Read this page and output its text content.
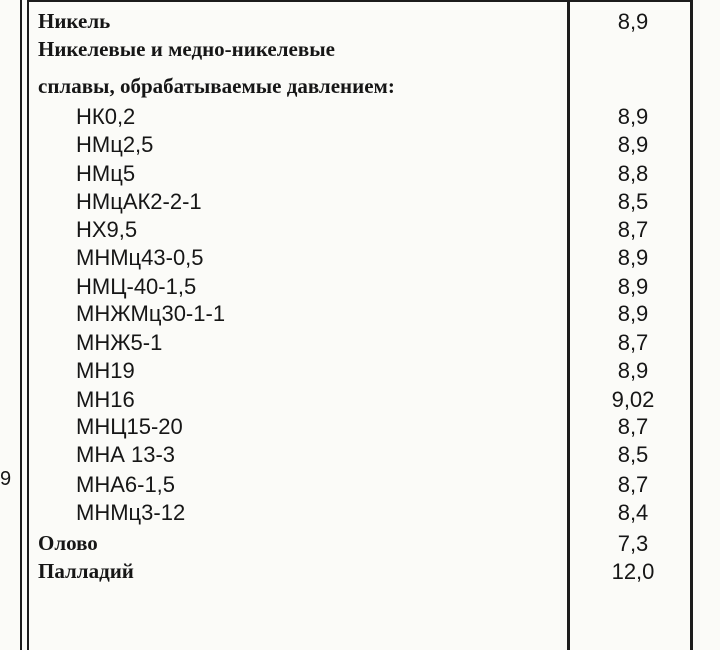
9
Никель	8,9
Никелевые и медно-никелевые
сплавы, обрабатываемые давлением:
НК0,2	8,9
НМц2,5	8,9
НМц5	8,8
НМцАК2-2-1	8,5
НХ9,5	8,7
МНМц43-0,5	8,9
НМЦ-40-1,5	8,9
МНЖМц30-1-1	8,9
МНЖ5-1	8,7
МН19	8,9
МН16	9,02
МНЦ15-20	8,7
МНА 13-3	8,5
МНА6-1,5	8,7
МНМц3-12	8,4
Олово	7,3
Палладий	12,0
